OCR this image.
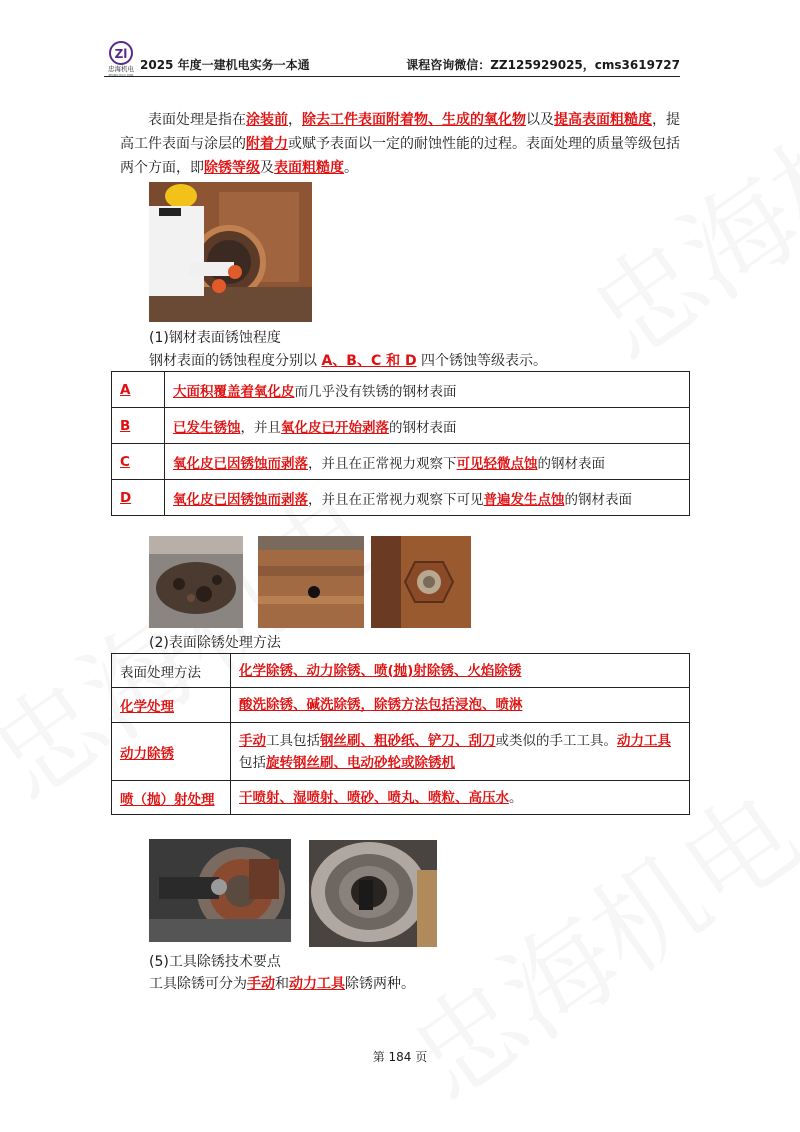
Zl
忠海机电
ZHONG HAI JI DIAN
2025 年度一建机电实务一本通	课程咨询微信：ZZ125929025，cms3619727
表面处理是指在涂装前，除去工件表面附着物、生成的氧化物以及提高表面粗糙度，提高工件表面与涂层的附着力或赋予表面以一定的耐蚀性能的过程。表面处理的质量等级包括两个方面，即除锈等级及表面粗糙度。
(1)钢材表面锈蚀程度
钢材表面的锈蚀程度分别以 A、B、C 和 D 四个锈蚀等级表示。
A	大面积覆盖着氧化皮而几乎没有铁锈的钢材表面
B	已发生锈蚀，并且氧化皮已开始剥落的钢材表面
C	氧化皮已因锈蚀而剥落，并且在正常视力观察下可见轻微点蚀的钢材表面
D	氧化皮已因锈蚀而剥落，并且在正常视力观察下可见普遍发生点蚀的钢材表面
(2)表面除锈处理方法
表面处理方法	化学除锈、动力除锈、喷(抛)射除锈、火焰除锈
化学处理	酸洗除锈、碱洗除锈，除锈方法包括浸泡、喷淋
动力除锈	手动工具包括钢丝刷、粗砂纸、铲刀、刮刀或类似的手工工具。动力工具包括旋转钢丝刷、电动砂轮或除锈机
喷（抛）射处理	干喷射、湿喷射、喷砂、喷丸、喷粒、高压水。
(5)工具除锈技术要点
工具除锈可分为手动和动力工具除锈两种。
第 184 页
